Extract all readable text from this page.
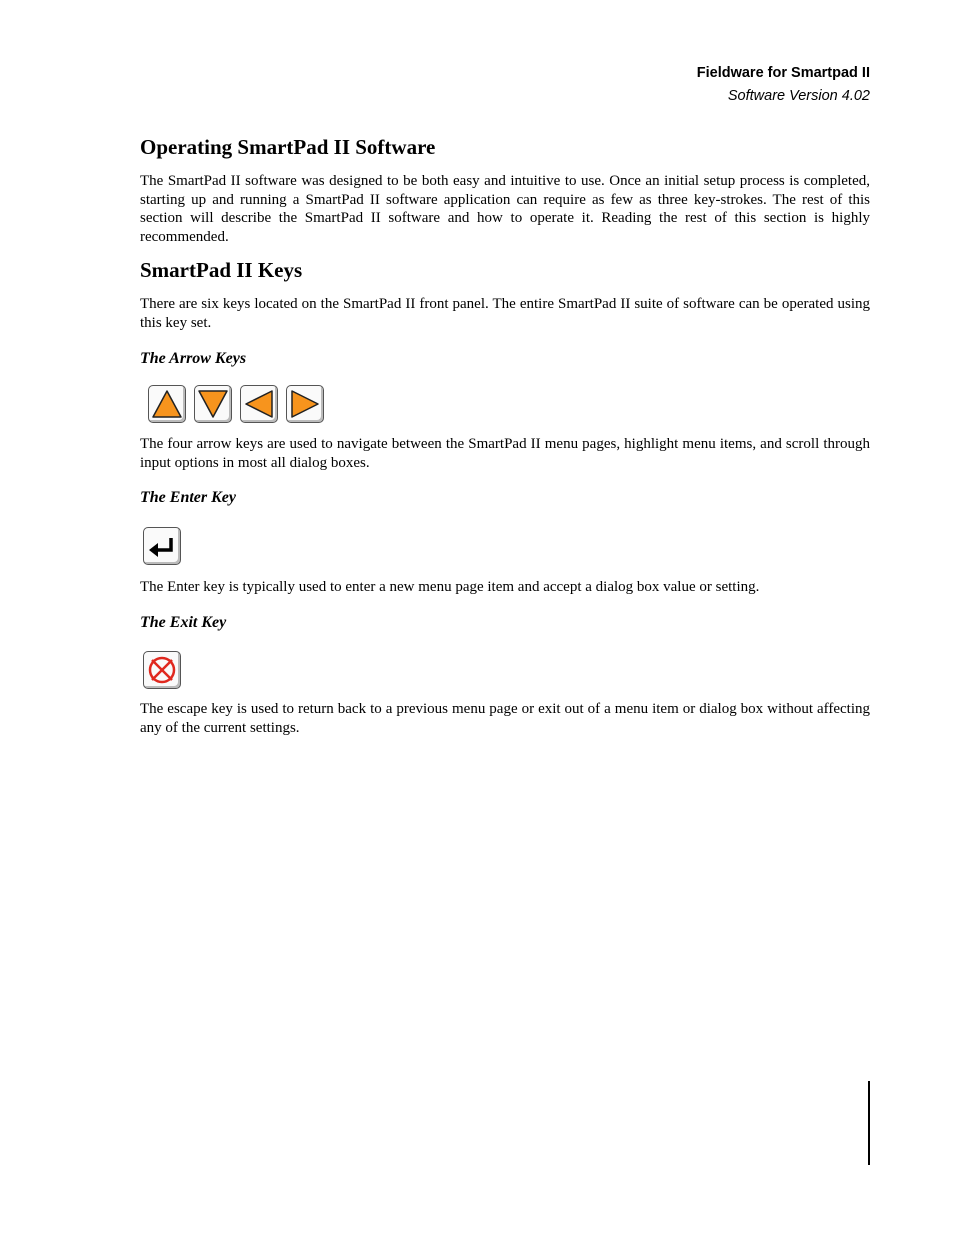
Fieldware for Smartpad II
Software Version 4.02
Operating SmartPad II Software

The SmartPad II software was designed to be both easy and intuitive to use. Once an initial setup process is completed, starting up and running a SmartPad II software application can require as few as three key-strokes. The rest of this section will describe the SmartPad II software and how to operate it. Reading the rest of this section is highly recommended.

SmartPad II Keys

There are six keys located on the SmartPad II front panel. The entire SmartPad II suite of software can be operated using this key set.

The Arrow Keys

The four arrow keys are used to navigate between the SmartPad II menu pages, highlight menu items, and scroll through input options in most all dialog boxes.

The Enter Key

The Enter key is typically used to enter a new menu page item and accept a dialog box value or setting.

The Exit Key

The escape key is used to return back to a previous menu page or exit out of a menu item or dialog box without affecting any of the current settings.
